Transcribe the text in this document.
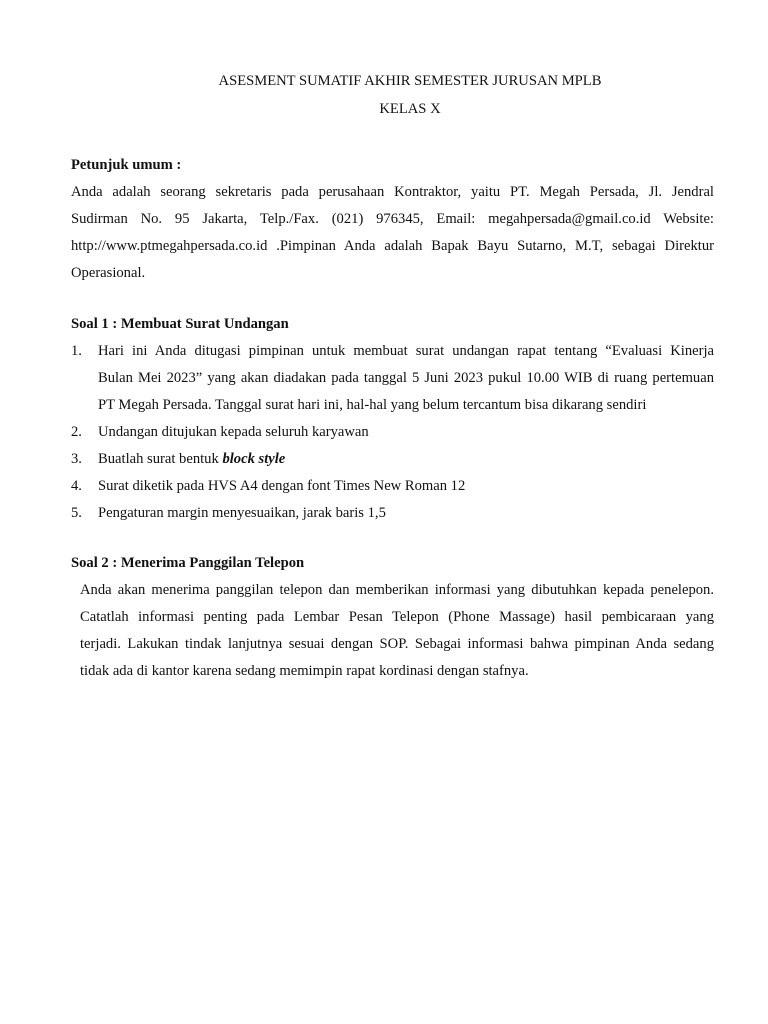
ASESMENT SUMATIF AKHIR SEMESTER JURUSAN MPLB
KELAS X

Petunjuk umum :

Anda adalah seorang sekretaris pada perusahaan Kontraktor, yaitu PT. Megah Persada, Jl. Jendral
Sudirman No. 95 Jakarta, Telp./Fax. (021) 976345, Email: megahpersada@gmail.co.id Website:
http://www.ptmegahpersada.co.id .Pimpinan Anda adalah Bapak Bayu Sutarno, M.T, sebagai Direktur
Operasional.

Soal 1 : Membuat Surat Undangan

1. Hari ini Anda ditugasi pimpinan untuk membuat surat undangan rapat tentang “Evaluasi Kinerja
Bulan Mei 2023” yang akan diadakan pada tanggal 5 Juni 2023 pukul 10.00 WIB di ruang pertemuan
PT Megah Persada. Tanggal surat hari ini, hal-hal yang belum tercantum bisa dikarang sendiri
2. Undangan ditujukan kepada seluruh karyawan
3. Buatlah surat bentuk block style
4. Surat diketik pada HVS A4 dengan font Times New Roman 12
5. Pengaturan margin menyesuaikan, jarak baris 1,5

Soal 2 : Menerima Panggilan Telepon

Anda akan menerima panggilan telepon dan memberikan informasi yang dibutuhkan kepada penelepon.
Catatlah informasi penting pada Lembar Pesan Telepon (Phone Massage) hasil pembicaraan yang
terjadi. Lakukan tindak lanjutnya sesuai dengan SOP. Sebagai informasi bahwa pimpinan Anda sedang
tidak ada di kantor karena sedang memimpin rapat kordinasi dengan stafnya.
